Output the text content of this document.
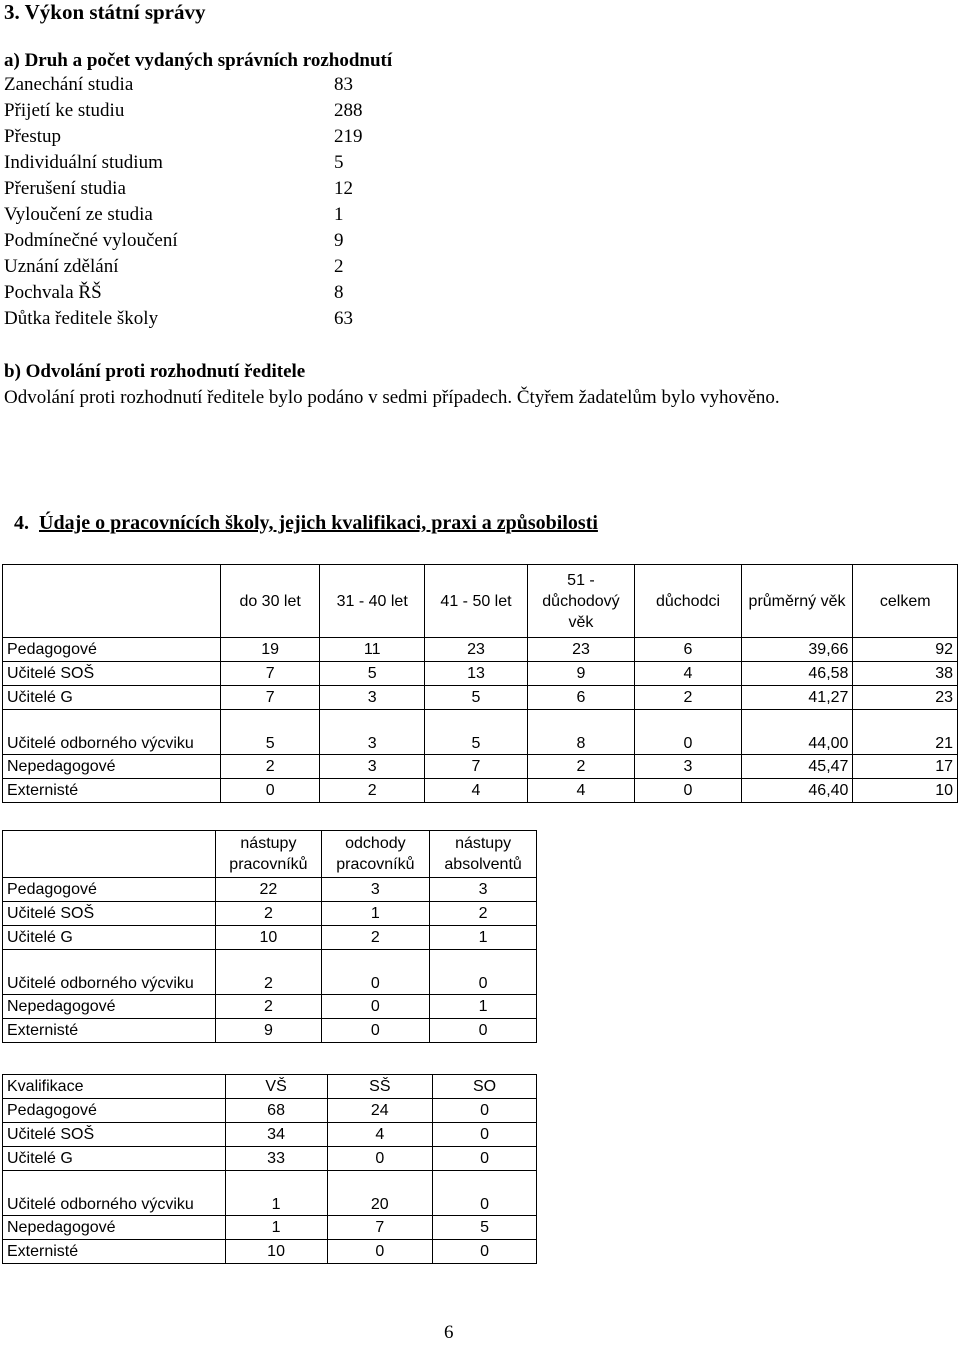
3. Výkon státní správy
a) Druh a počet vydaných správních rozhodnutí
Zanechání studia	83
Přijetí ke studiu	288
Přestup	219
Individuální studium	5
Přerušení studia	12
Vyloučení ze studia	1
Podmínečné vyloučení	9
Uznání zdělání	2
Pochvala ŘŠ	8
Důtka ředitele školy	63
b) Odvolání proti rozhodnutí ředitele
Odvolání proti rozhodnutí ředitele bylo podáno v sedmi případech. Čtyřem žadatelům bylo vyhověno.
4. Údaje o pracovnících školy, jejich kvalifikaci, praxi a způsobilosti
	do 30 let	31 - 40 let	41 - 50 let	51 - důchodový věk	důchodci	průměrný věk	celkem
Pedagogové	19	11	23	23	6	39,66	92
Učitelé SOŠ	7	5	13	9	4	46,58	38
Učitelé G	7	3	5	6	2	41,27	23
Učitelé odborného výcviku	5	3	5	8	0	44,00	21
Nepedagogové	2	3	7	2	3	45,47	17
Externisté	0	2	4	4	0	46,40	10
	nástupy pracovníků	odchody pracovníků	nástupy absolventů
Pedagogové	22	3	3
Učitelé SOŠ	2	1	2
Učitelé G	10	2	1
Učitelé odborného výcviku	2	0	0
Nepedagogové	2	0	1
Externisté	9	0	0
Kvalifikace	VŠ	SŠ	SO
Pedagogové	68	24	0
Učitelé SOŠ	34	4	0
Učitelé G	33	0	0
Učitelé odborného výcviku	1	20	0
Nepedagogové	1	7	5
Externisté	10	0	0
6
